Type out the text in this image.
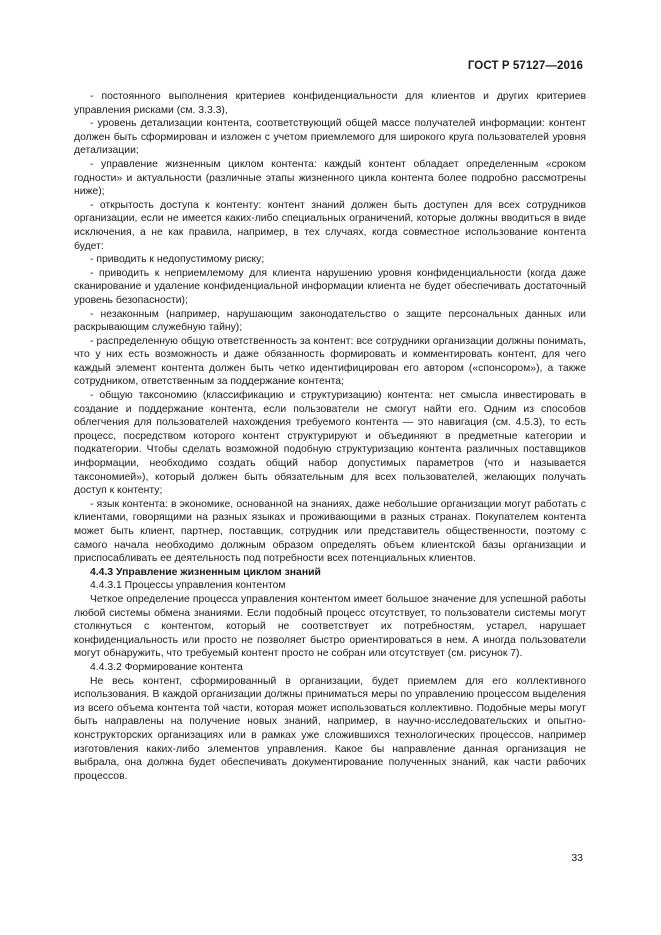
ГОСТ Р 57127—2016

- постоянного выполнения критериев конфиденциальности для клиентов и других критериев управления рисками (см. 3.3.3),

- уровень детализации контента, соответствующий общей массе получателей информации: контент должен быть сформирован и изложен с учетом приемлемого для широкого круга пользователей уровня детализации;

- управление жизненным циклом контента: каждый контент обладает определенным «сроком годности» и актуальности (различные этапы жизненного цикла контента более подробно рассмотрены ниже);

- открытость доступа к контенту: контент знаний должен быть доступен для всех сотрудников организации, если не имеется каких-либо специальных ограничений, которые должны вводиться в виде исключения, а не как правила, например, в тех случаях, когда совместное использование контента будет:

- приводить к недопустимому риску;

- приводить к неприемлемому для клиента нарушению уровня конфиденциальности (когда даже сканирование и удаление конфиденциальной информации клиента не будет обеспечивать достаточный уровень безопасности);

- незаконным (например, нарушающим законодательство о защите персональных данных или раскрывающим служебную тайну);

- распределенную общую ответственность за контент: все сотрудники организации должны понимать, что у них есть возможность и даже обязанность формировать и комментировать контент, для чего каждый элемент контента должен быть четко идентифицирован его автором («спонсором»), а также сотрудником, ответственным за поддержание контента;

- общую таксономию (классификацию и структуризацию) контента: нет смысла инвестировать в создание и поддержание контента, если пользователи не смогут найти его. Одним из способов облегчения для пользователей нахождения требуемого контента — это навигация (см. 4.5.3), то есть процесс, посредством которого контент структурируют и объединяют в предметные категории и подкатегории. Чтобы сделать возможной подобную структуризацию контента различных поставщиков информации, необходимо создать общий набор допустимых параметров (что и называется таксономией»), который должен быть обязательным для всех пользователей, желающих получать доступ к контенту;

- язык контента: в экономике, основанной на знаниях, даже небольшие организации могут работать с клиентами, говорящими на разных языках и проживающими в разных странах. Покупателем контента может быть клиент, партнер, поставщик, сотрудник или представитель общественности, поэтому с самого начала необходимо должным образом определять объем клиентской базы организации и приспосабливать ее деятельность под потребности всех потенциальных клиентов.

4.4.3 Управление жизненным циклом знаний

4.4.3.1 Процессы управления контентом

Четкое определение процесса управления контентом имеет большое значение для успешной работы любой системы обмена знаниями. Если подобный процесс отсутствует, то пользователи системы могут столкнуться с контентом, который не соответствует их потребностям, устарел, нарушает конфиденциальность или просто не позволяет быстро ориентироваться в нем. А иногда пользователи могут обнаружить, что требуемый контент просто не собран или отсутствует (см. рисунок 7).

4.4.3.2 Формирование контента

Не весь контент, сформированный в организации, будет приемлем для его коллективного использования. В каждой организации должны приниматься меры по управлению процессом выделения из всего объема контента той части, которая может использоваться коллективно. Подобные меры могут быть направлены на получение новых знаний, например, в научно-исследовательских и опытно-конструкторских организациях или в рамках уже сложившихся технологических процессов, например изготовления каких-либо элементов управления. Какое бы направление данная организация не выбрала, она должна будет обеспечивать документирование полученных знаний, как части рабочих процессов.

33
